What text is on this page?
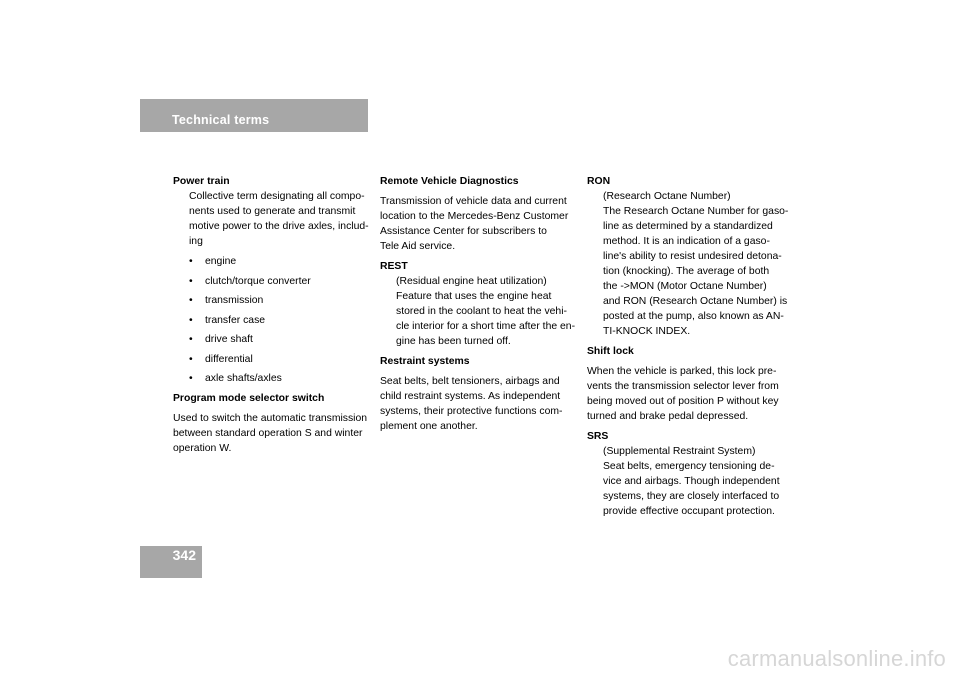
Technical terms

Power train

Collective term designating all compo-
nents used to generate and transmit
motive power to the drive axles, includ-
ing
• engine
• clutch/torque converter
• transmission
• transfer case
• drive shaft
• differential
• axle shafts/axles

Program mode selector switch

Used to switch the automatic transmission
between standard operation S and winter
operation W.

Remote Vehicle Diagnostics

Transmission of vehicle data and current
location to the Mercedes-Benz Customer
Assistance Center for subscribers to
Tele Aid service.

REST

(Residual engine heat utilization)
Feature that uses the engine heat
stored in the coolant to heat the vehi-
cle interior for a short time after the en-
gine has been turned off.

Restraint systems

Seat belts, belt tensioners, airbags and
child restraint systems. As independent
systems, their protective functions com-
plement one another.

RON

(Research Octane Number)
The Research Octane Number for gaso-
line as determined by a standardized
method. It is an indication of a gaso-
line's ability to resist undesired detona-
tion (knocking). The average of both
the ->MON (Motor Octane Number)
and RON (Research Octane Number) is
posted at the pump, also known as AN-
TI-KNOCK INDEX.

Shift lock

When the vehicle is parked, this lock pre-
vents the transmission selector lever from
being moved out of position P without key
turned and brake pedal depressed.

SRS

(Supplemental Restraint System)
Seat belts, emergency tensioning de-
vice and airbags. Though independent
systems, they are closely interfaced to
provide effective occupant protection.
342
carmanualsonline.info
